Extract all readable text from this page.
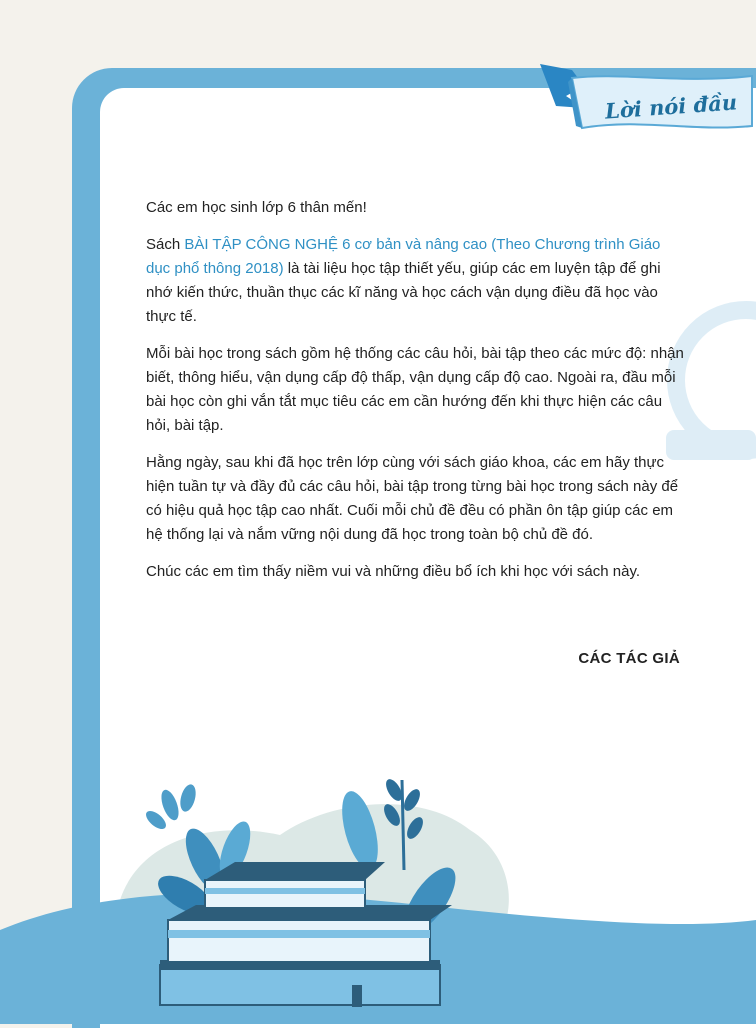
Lời nói đầu

Các em học sinh lớp 6 thân mến!

Sách BÀI TẬP CÔNG NGHỆ 6 cơ bản và nâng cao (Theo Chương trình Giáo dục phổ thông 2018) là tài liệu học tập thiết yếu, giúp các em luyện tập để ghi nhớ kiến thức, thuần thục các kĩ năng và học cách vận dụng điều đã học vào thực tế.

Mỗi bài học trong sách gồm hệ thống các câu hỏi, bài tập theo các mức độ: nhận biết, thông hiểu, vận dụng cấp độ thấp, vận dụng cấp độ cao. Ngoài ra, đầu mỗi bài học còn ghi vắn tắt mục tiêu các em cần hướng đến khi thực hiện các câu hỏi, bài tập.

Hằng ngày, sau khi đã học trên lớp cùng với sách giáo khoa, các em hãy thực hiện tuần tự và đầy đủ các câu hỏi, bài tập trong từng bài học trong sách này để có hiệu quả học tập cao nhất. Cuối mỗi chủ đề đều có phần ôn tập giúp các em hệ thống lại và nắm vững nội dung đã học trong toàn bộ chủ đề đó.

Chúc các em tìm thấy niềm vui và những điều bổ ích khi học với sách này.

CÁC TÁC GIẢ
